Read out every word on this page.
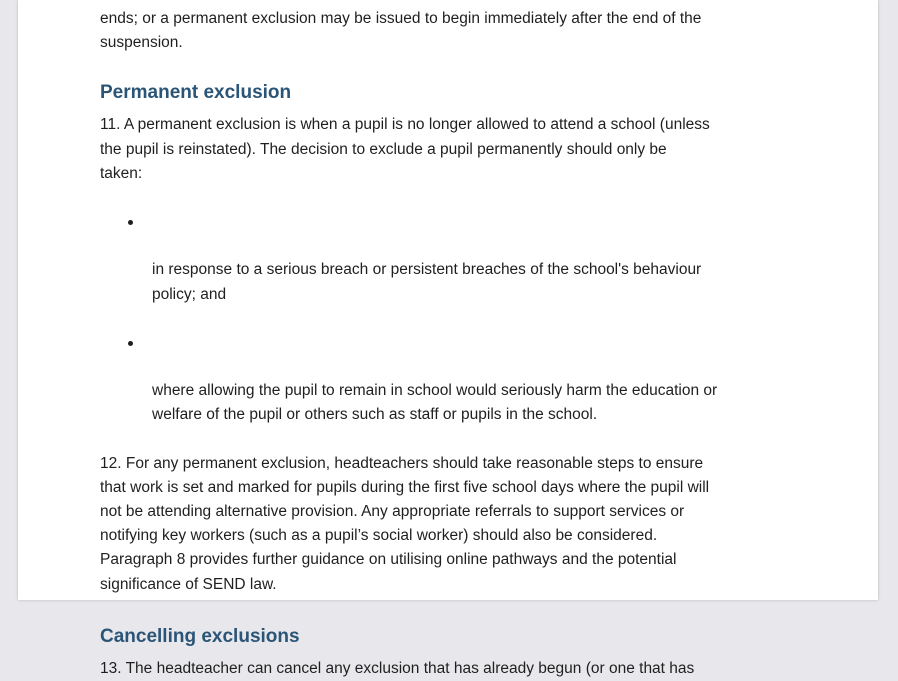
ends; or a permanent exclusion may be issued to begin immediately after the end of the
suspension.

Permanent exclusion

11. A permanent exclusion is when a pupil is no longer allowed to attend a school (unless
the pupil is reinstated). The decision to exclude a pupil permanently should only be
taken:

in response to a serious breach or persistent breaches of the school's behaviour
policy; and

where allowing the pupil to remain in school would seriously harm the education or
welfare of the pupil or others such as staff or pupils in the school.

12. For any permanent exclusion, headteachers should take reasonable steps to ensure
that work is set and marked for pupils during the first five school days where the pupil will
not be attending alternative provision. Any appropriate referrals to support services or
notifying key workers (such as a pupil’s social worker) should also be considered.
Paragraph 8 provides further guidance on utilising online pathways and the potential
significance of SEND law.

Cancelling exclusions

13. The headteacher can cancel any exclusion that has already begun (or one that has
